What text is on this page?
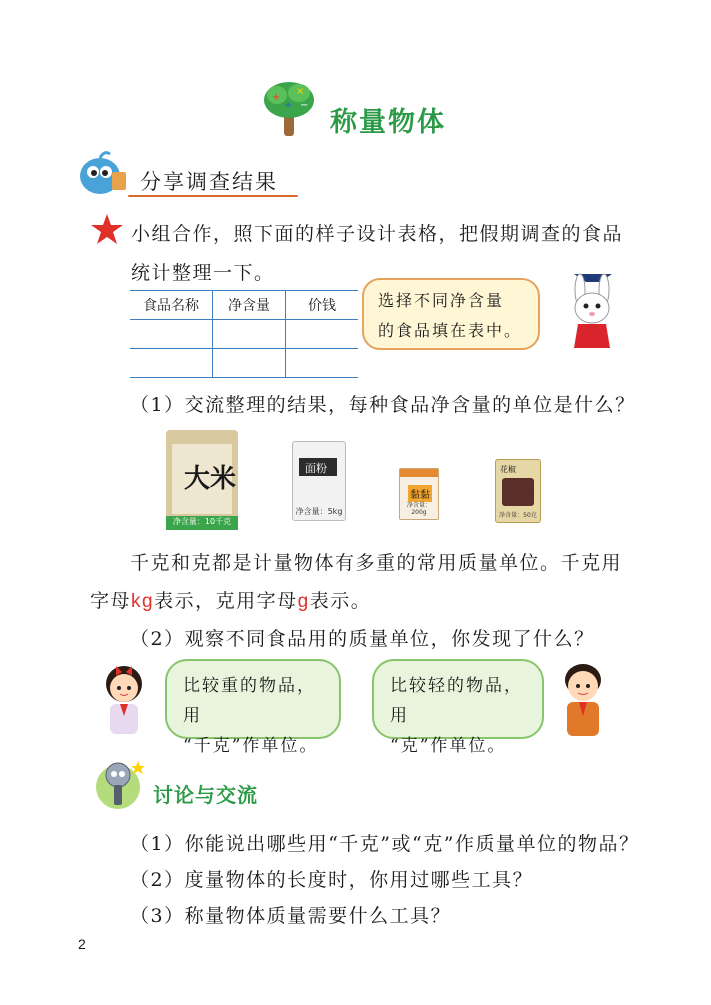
+
×
÷ −
称量物体
分享调查结果
小组合作，照下面的样子设计表格，把假期调查的食品
统计整理一下。
食品名称	净含量	价钱

			选择不同净含量
的食品填在表中。
（1）交流整理的结果，每种食品净含量的单位是什么？
大米
净含量：10千克
面粉
净含量：5kg
黏黏
净含量：200g
花椒
净含量：50克
千克和克都是计量物体有多重的常用质量单位。千克用
字母kg表示，克用字母g表示。
（2）观察不同食品用的质量单位，你发现了什么？
比较重的物品，用
“千克”作单位。
比较轻的物品，用
“克”作单位。
讨论与交流
（1）你能说出哪些用“千克”或“克”作质量单位的物品？
（2）度量物体的长度时，你用过哪些工具？
（3）称量物体质量需要什么工具？
2
